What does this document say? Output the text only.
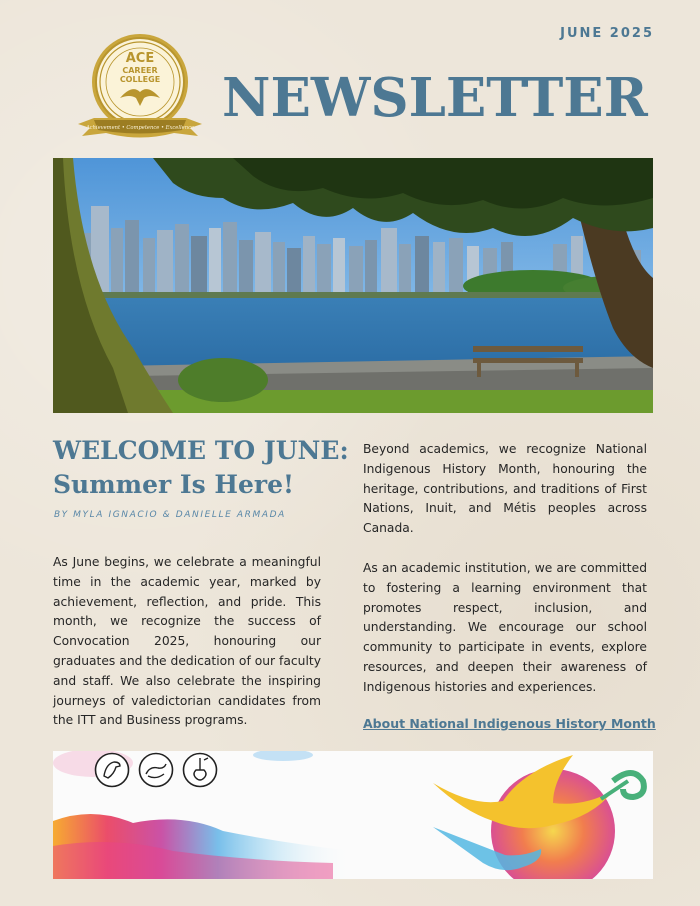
JUNE 2025
ACE
CAREER
COLLEGE
Achievement • Competence • Excellence NEWSLETTER
WELCOME TO JUNE:
Summer Is Here!
BY MYLA IGNACIO & DANIELLE ARMADA

As June begins, we celebrate a meaningful time in the academic year, marked by achievement, reflection, and pride. This month, we recognize the success of Convocation 2025, honouring our graduates and the dedication of our faculty and staff. We also celebrate the inspiring journeys of valedictorian candidates from the ITT and Business programs.

Beyond academics, we recognize National Indigenous History Month, honouring the heritage, contributions, and traditions of First Nations, Inuit, and Métis peoples across Canada.

As an academic institution, we are committed to fostering a learning environment that promotes respect, inclusion, and understanding. We encourage our school community to participate in events, explore resources, and deepen their awareness of Indigenous histories and experiences.

About National Indigenous History Month
